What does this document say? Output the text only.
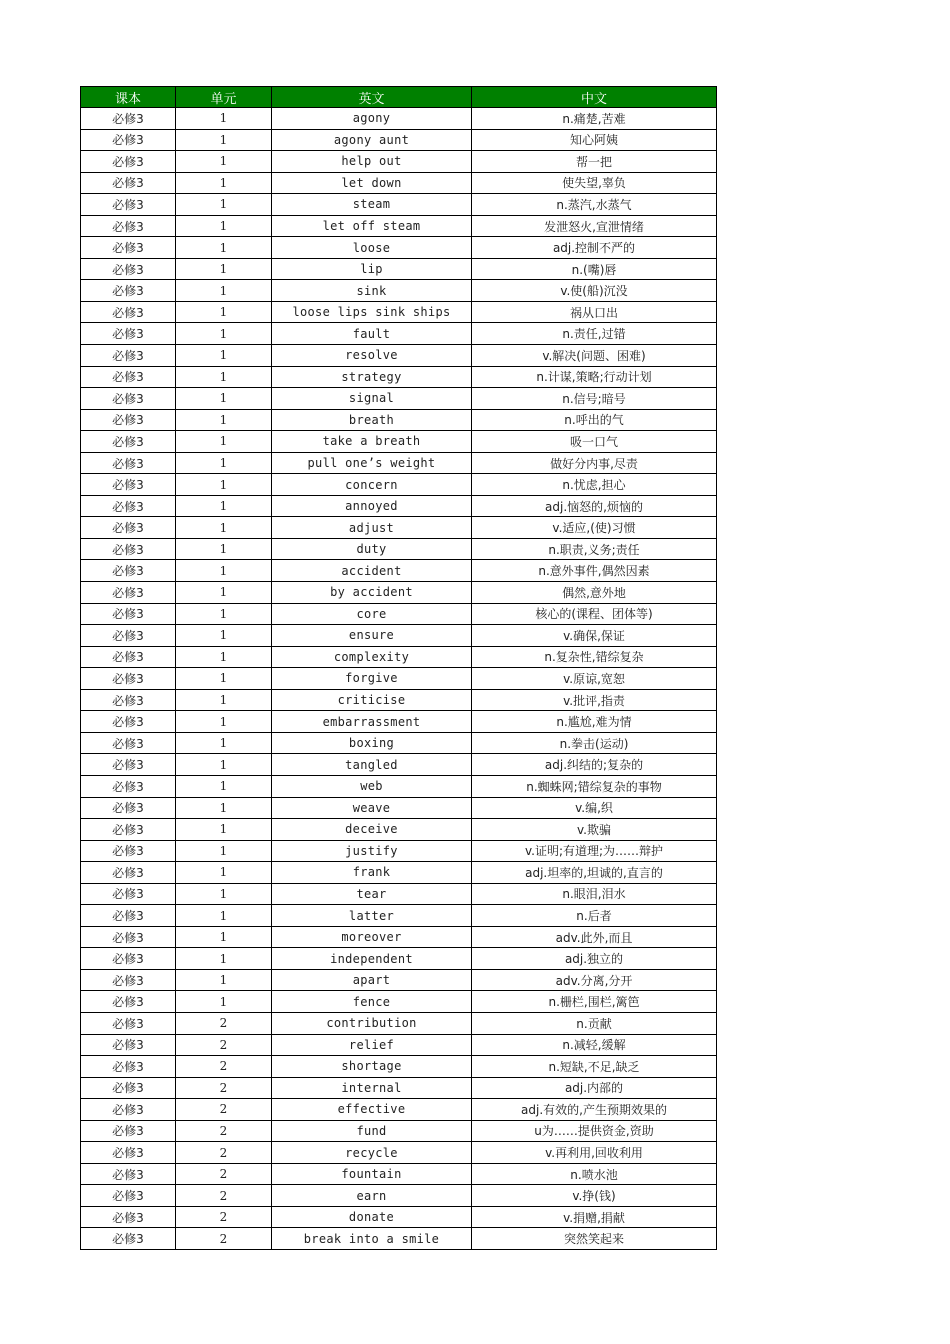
课本	单元	英文	中文
必修3	1	agony	n.痛楚,苦难
必修3	1	agony aunt	知心阿姨
必修3	1	help out	帮一把
必修3	1	let down	使失望,辜负
必修3	1	steam	n.蒸汽,水蒸气
必修3	1	let off steam	发泄怒火,宣泄情绪
必修3	1	loose	adj.控制不严的
必修3	1	lip	n.(嘴)唇
必修3	1	sink	v.使(船)沉没
必修3	1	loose lips sink ships	祸从口出
必修3	1	fault	n.责任,过错
必修3	1	resolve	v.解决(问题、困难)
必修3	1	strategy	n.计谋,策略;行动计划
必修3	1	signal	n.信号;暗号
必修3	1	breath	n.呼出的气
必修3	1	take a breath	吸一口气
必修3	1	pull one’s weight	做好分内事,尽责
必修3	1	concern	n.忧虑,担心
必修3	1	annoyed	adj.恼怒的,烦恼的
必修3	1	adjust	v.适应,(使)习惯
必修3	1	duty	n.职责,义务;责任
必修3	1	accident	n.意外事件,偶然因素
必修3	1	by accident	偶然,意外地
必修3	1	core	核心的(课程、团体等)
必修3	1	ensure	v.确保,保证
必修3	1	complexity	n.复杂性,错综复杂
必修3	1	forgive	v.原谅,宽恕
必修3	1	criticise	v.批评,指责
必修3	1	embarrassment	n.尴尬,难为情
必修3	1	boxing	n.拳击(运动)
必修3	1	tangled	adj.纠结的;复杂的
必修3	1	web	n.蜘蛛网;错综复杂的事物
必修3	1	weave	v.编,织
必修3	1	deceive	v.欺骗
必修3	1	justify	v.证明;有道理;为……辩护
必修3	1	frank	adj.坦率的,坦诚的,直言的
必修3	1	tear	n.眼泪,泪水
必修3	1	latter	n.后者
必修3	1	moreover	adv.此外,而且
必修3	1	independent	adj.独立的
必修3	1	apart	adv.分离,分开
必修3	1	fence	n.栅栏,围栏,篱笆
必修3	2	contribution	n.贡献
必修3	2	relief	n.减轻,缓解
必修3	2	shortage	n.短缺,不足,缺乏
必修3	2	internal	adj.内部的
必修3	2	effective	adj.有效的,产生预期效果的
必修3	2	fund	u为……提供资金,资助
必修3	2	recycle	v.再利用,回收利用
必修3	2	fountain	n.喷水池
必修3	2	earn	v.挣(钱)
必修3	2	donate	v.捐赠,捐献
必修3	2	break into a smile	突然笑起来
